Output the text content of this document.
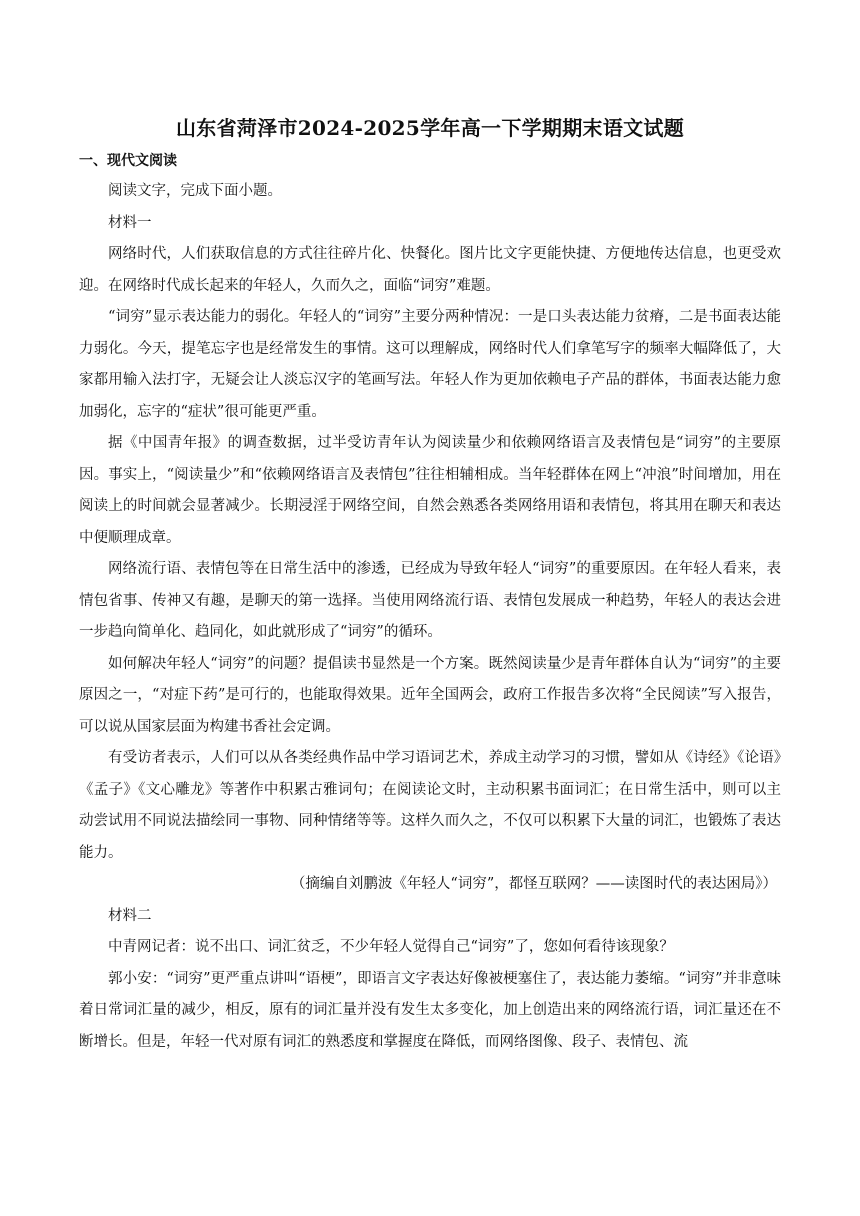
山东省菏泽市2024-2025学年高一下学期期末语文试题
一、现代文阅读

阅读文字，完成下面小题。

材料一

网络时代，人们获取信息的方式往往碎片化、快餐化。图片比文字更能快捷、方便地传达信息，也更受欢迎。在网络时代成长起来的年轻人，久而久之，面临“词穷”难题。

“词穷”显示表达能力的弱化。年轻人的“词穷”主要分两种情况：一是口头表达能力贫瘠，二是书面表达能力弱化。今天，提笔忘字也是经常发生的事情。这可以理解成，网络时代人们拿笔写字的频率大幅降低了，大家都用输入法打字，无疑会让人淡忘汉字的笔画写法。年轻人作为更加依赖电子产品的群体，书面表达能力愈加弱化，忘字的“症状”很可能更严重。

据《中国青年报》的调查数据，过半受访青年认为阅读量少和依赖网络语言及表情包是“词穷”的主要原因。事实上，“阅读量少”和“依赖网络语言及表情包”往往相辅相成。当年轻群体在网上“冲浪”时间增加，用在阅读上的时间就会显著减少。长期浸淫于网络空间，自然会熟悉各类网络用语和表情包，将其用在聊天和表达中便顺理成章。

网络流行语、表情包等在日常生活中的渗透，已经成为导致年轻人“词穷”的重要原因。在年轻人看来，表情包省事、传神又有趣，是聊天的第一选择。当使用网络流行语、表情包发展成一种趋势，年轻人的表达会进一步趋向简单化、趋同化，如此就形成了“词穷”的循环。

如何解决年轻人“词穷”的问题？提倡读书显然是一个方案。既然阅读量少是青年群体自认为“词穷”的主要原因之一，“对症下药”是可行的，也能取得效果。近年全国两会，政府工作报告多次将“全民阅读”写入报告，可以说从国家层面为构建书香社会定调。

有受访者表示，人们可以从各类经典作品中学习语词艺术，养成主动学习的习惯，譬如从《诗经》《论语》《孟子》《文心雕龙》等著作中积累古雅词句；在阅读论文时，主动积累书面词汇；在日常生活中，则可以主动尝试用不同说法描绘同一事物、同种情绪等等。这样久而久之，不仅可以积累下大量的词汇，也锻炼了表达能力。

（摘编自刘鹏波《年轻人“词穷”，都怪互联网？——读图时代的表达困局》）

材料二

中青网记者：说不出口、词汇贫乏，不少年轻人觉得自己“词穷”了，您如何看待该现象？

郭小安：“词穷”更严重点讲叫“语梗”，即语言文字表达好像被梗塞住了，表达能力萎缩。“词穷”并非意味着日常词汇量的减少，相反，原有的词汇量并没有发生太多变化，加上创造出来的网络流行语，词汇量还在不断增长。但是，年轻一代对原有词汇的熟悉度和掌握度在降低，而网络图像、段子、表情包、流
